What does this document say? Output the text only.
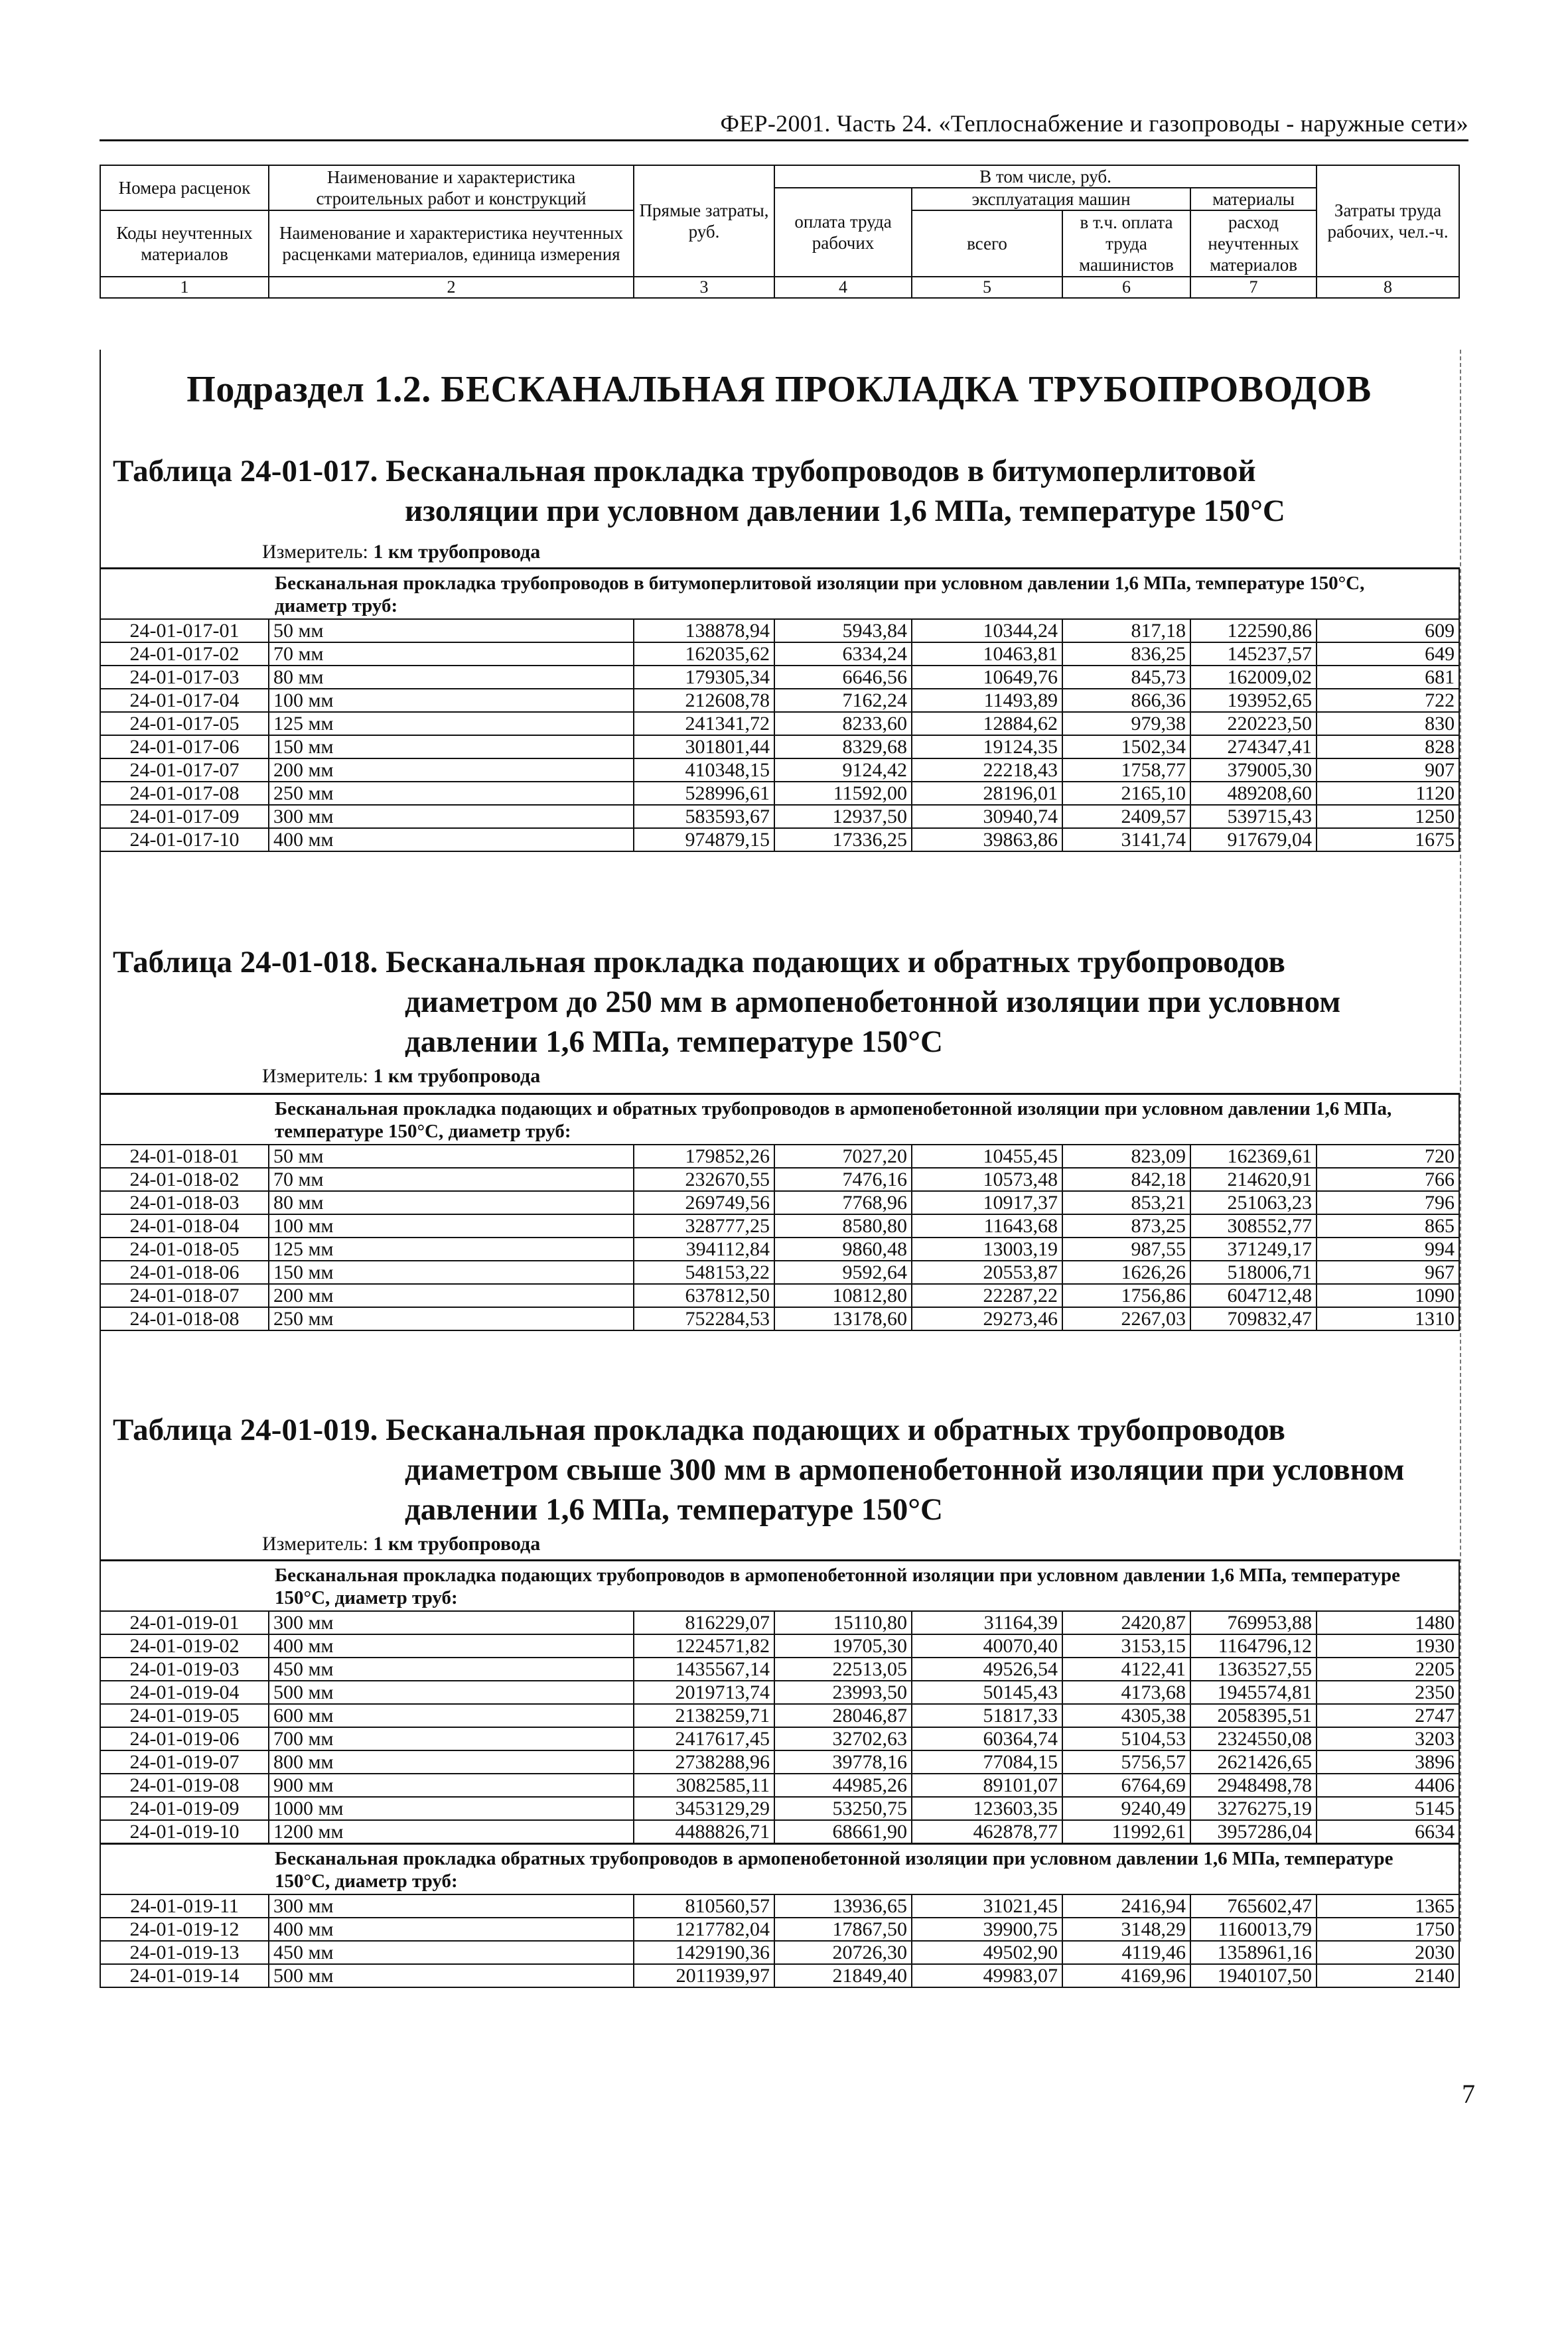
ФЕР-2001. Часть 24. «Теплоснабжение и газопроводы - наружные сети»
Номера расценок	Наименование и характеристика строительных работ и конструкций	Прямые затраты, руб.	В том числе, руб.				Затраты труда рабочих, чел.-ч.
			оплата труда рабочих	эксплуатация машин		материалы	
Коды неучтенных материалов	Наименование и характеристика неучтенных расценками материалов, единица измерения			всего	в т.ч. оплата труда машинистов	расход неучтенных материалов	

1	2	3	4	5	6	7	8
Подраздел 1.2. БЕСКАНАЛЬНАЯ ПРОКЛАДКА ТРУБОПРОВОДОВ
Таблица 24-01-017. Бесканальная прокладка трубопроводов в битумоперлитовой
изоляции при условном давлении 1,6 МПа, температуре 150°С
Измеритель: 1 км трубопровода
Бесканальная прокладка трубопроводов в битумоперлитовой изоляции при условном давлении 1,6 МПа, температуре 150°С, диаметр труб:							
24-01-017-01	50 мм	138878,94	5943,84	10344,24	817,18	122590,86	609
24-01-017-02	70 мм	162035,62	6334,24	10463,81	836,25	145237,57	649
24-01-017-03	80 мм	179305,34	6646,56	10649,76	845,73	162009,02	681
24-01-017-04	100 мм	212608,78	7162,24	11493,89	866,36	193952,65	722
24-01-017-05	125 мм	241341,72	8233,60	12884,62	979,38	220223,50	830
24-01-017-06	150 мм	301801,44	8329,68	19124,35	1502,34	274347,41	828
24-01-017-07	200 мм	410348,15	9124,42	22218,43	1758,77	379005,30	907
24-01-017-08	250 мм	528996,61	11592,00	28196,01	2165,10	489208,60	1120
24-01-017-09	300 мм	583593,67	12937,50	30940,74	2409,57	539715,43	1250
24-01-017-10	400 мм	974879,15	17336,25	39863,86	3141,74	917679,04	1675
Таблица 24-01-018. Бесканальная прокладка подающих и обратных трубопроводов
диаметром до 250 мм в армопенобетонной изоляции при условном
давлении 1,6 МПа, температуре 150°С
Измеритель: 1 км трубопровода
Бесканальная прокладка подающих и обратных трубопроводов в армопенобетонной изоляции при условном давлении 1,6 МПа, температуре 150°С, диаметр труб:							
24-01-018-01	50 мм	179852,26	7027,20	10455,45	823,09	162369,61	720
24-01-018-02	70 мм	232670,55	7476,16	10573,48	842,18	214620,91	766
24-01-018-03	80 мм	269749,56	7768,96	10917,37	853,21	251063,23	796
24-01-018-04	100 мм	328777,25	8580,80	11643,68	873,25	308552,77	865
24-01-018-05	125 мм	394112,84	9860,48	13003,19	987,55	371249,17	994
24-01-018-06	150 мм	548153,22	9592,64	20553,87	1626,26	518006,71	967
24-01-018-07	200 мм	637812,50	10812,80	22287,22	1756,86	604712,48	1090
24-01-018-08	250 мм	752284,53	13178,60	29273,46	2267,03	709832,47	1310
Таблица 24-01-019. Бесканальная прокладка подающих и обратных трубопроводов
диаметром свыше 300 мм в армопенобетонной изоляции при условном
давлении 1,6 МПа, температуре 150°С
Измеритель: 1 км трубопровода
Бесканальная прокладка подающих трубопроводов в армопенобетонной изоляции при условном давлении 1,6 МПа, температуре 150°С, диаметр труб:							
24-01-019-01	300 мм	816229,07	15110,80	31164,39	2420,87	769953,88	1480
24-01-019-02	400 мм	1224571,82	19705,30	40070,40	3153,15	1164796,12	1930
24-01-019-03	450 мм	1435567,14	22513,05	49526,54	4122,41	1363527,55	2205
24-01-019-04	500 мм	2019713,74	23993,50	50145,43	4173,68	1945574,81	2350
24-01-019-05	600 мм	2138259,71	28046,87	51817,33	4305,38	2058395,51	2747
24-01-019-06	700 мм	2417617,45	32702,63	60364,74	5104,53	2324550,08	3203
24-01-019-07	800 мм	2738288,96	39778,16	77084,15	5756,57	2621426,65	3896
24-01-019-08	900 мм	3082585,11	44985,26	89101,07	6764,69	2948498,78	4406
24-01-019-09	1000 мм	3453129,29	53250,75	123603,35	9240,49	3276275,19	5145
24-01-019-10	1200 мм	4488826,71	68661,90	462878,77	11992,61	3957286,04	6634
Бесканальная прокладка обратных трубопроводов в армопенобетонной изоляции при условном давлении 1,6 МПа, температуре 150°С, диаметр труб:							
24-01-019-11	300 мм	810560,57	13936,65	31021,45	2416,94	765602,47	1365
24-01-019-12	400 мм	1217782,04	17867,50	39900,75	3148,29	1160013,79	1750
24-01-019-13	450 мм	1429190,36	20726,30	49502,90	4119,46	1358961,16	2030
24-01-019-14	500 мм	2011939,97	21849,40	49983,07	4169,96	1940107,50	2140
7
